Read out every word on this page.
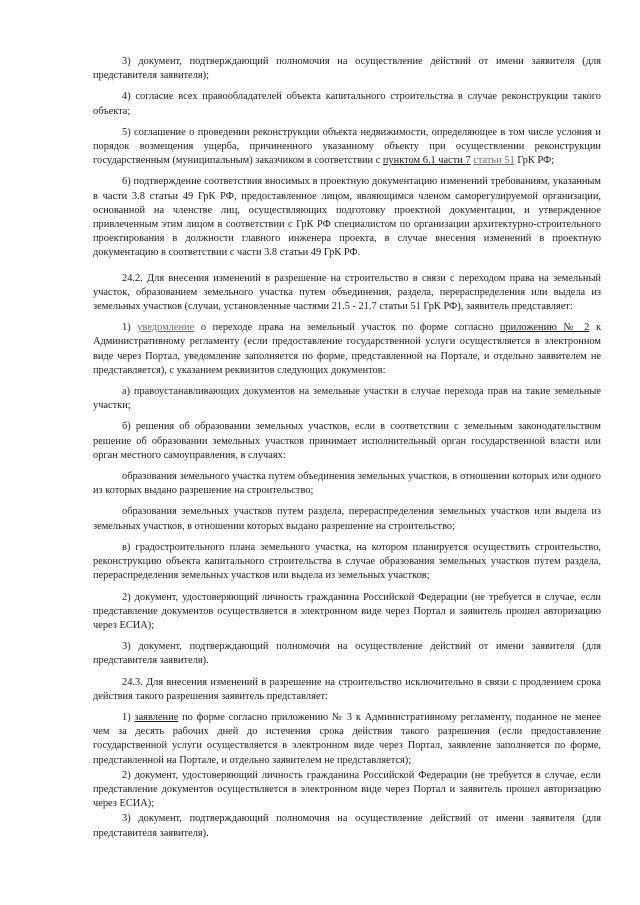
3) документ, подтверждающий полномочия на осуществление действий от имени заявителя (для представителя заявителя);

4) согласие всех правообладателей объекта капитального строительства в случае реконструкции такого объекта;

5) соглашение о проведении реконструкции объекта недвижимости, определяющее в том числе условия и порядок возмещения ущерба, причиненного указанному объекту при осуществлении реконструкции государственным (муниципальным) заказчиком в соответствии с пунктом 6.1 части 7 статьи 51 ГрК РФ;

6) подтверждение соответствия вносимых в проектную документацию изменений требованиям, указанным в части 3.8 статьи 49 ГрК РФ, предоставленное лицом, являющимся членом саморегулируемой организации, основанной на членстве лиц, осуществляющих подготовку проектной документации, и утвержденное привлеченным этим лицом в соответствии с ГрК РФ специалистом по организации архитектурно-строительного проектирования в должности главного инженера проекта, в случае внесения изменений в проектную документацию в соответствии с части 3.8 статьи 49 ГрК РФ.

24.2. Для внесения изменений в разрешение на строительство в связи с переходом права на земельный участок, образованием земельного участка путем объединения, раздела, перераспределения или выдела из земельных участков (случаи, установленные частями 21.5 - 21.7 статьи 51 ГрК РФ), заявитель представляет:

1) уведомление о переходе права на земельный участок по форме согласно приложению № 2 к Административному регламенту (если предоставление государственной услуги осуществляется в электронном виде через Портал, уведомление заполняется по форме, представленной на Портале, и отдельно заявителем не представляется), с указанием реквизитов следующих документов:

а) правоустанавливающих документов на земельные участки в случае перехода прав на такие земельные участки;

б) решения об образовании земельных участков, если в соответствии с земельным законодательством решение об образовании земельных участков принимает исполнительный орган государственной власти или орган местного самоуправления, в случаях:

образования земельного участка путем объединения земельных участков, в отношении которых или одного из которых выдано разрешение на строительство;

образования земельных участков путем раздела, перераспределения земельных участков или выдела из земельных участков, в отношении которых выдано разрешение на строительство;

в) градостроительного плана земельного участка, на котором планируется осуществить строительство, реконструкцию объекта капитального строительства в случае образования земельных участков путем раздела, перераспределения земельных участков или выдела из земельных участков;

2) документ, удостоверяющий личность гражданина Российской Федерации (не требуется в случае, если представление документов осуществляется в электронном виде через Портал и заявитель прошел авторизацию через ЕСИА);

3) документ, подтверждающий полномочия на осуществление действий от имени заявителя (для представителя заявителя).

24.3. Для внесения изменений в разрешение на строительство исключительно в связи с продлением срока действия такого разрешения заявитель представляет:

1) заявление по форме согласно приложению № 3 к Административному регламенту, поданное не менее чем за десять рабочих дней до истечения срока действия такого разрешения (если предоставление государственной услуги осуществляется в электронном виде через Портал, заявление заполняется по форме, представленной на Портале, и отдельно заявителем не представляется);

2) документ, удостоверяющий личность гражданина Российской Федерации (не требуется в случае, если представление документов осуществляется в электронном виде через Портал и заявитель прошел авторизацию через ЕСИА);

3) документ, подтверждающий полномочия на осуществление действий от имени заявителя (для представителя заявителя).
